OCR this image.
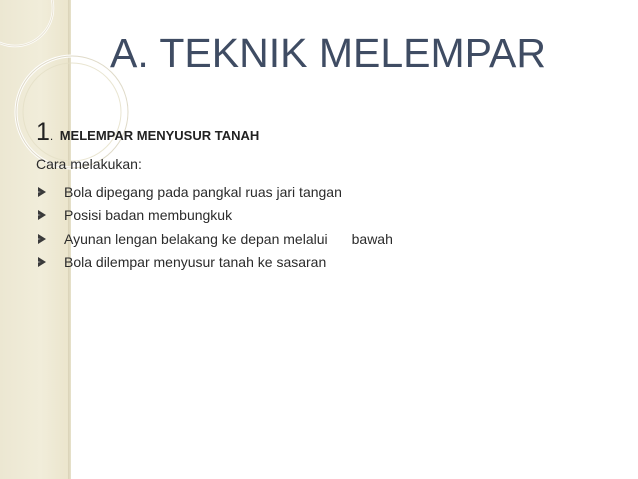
A. TEKNIK MELEMPAR
1. MELEMPAR MENYUSUR TANAH
Cara melakukan:
Bola dipegang pada pangkal ruas jari tangan
Posisi badan membungkuk
Ayunan lengan belakang ke depan melalui bawah
Bola dilempar menyusur tanah ke sasaran
